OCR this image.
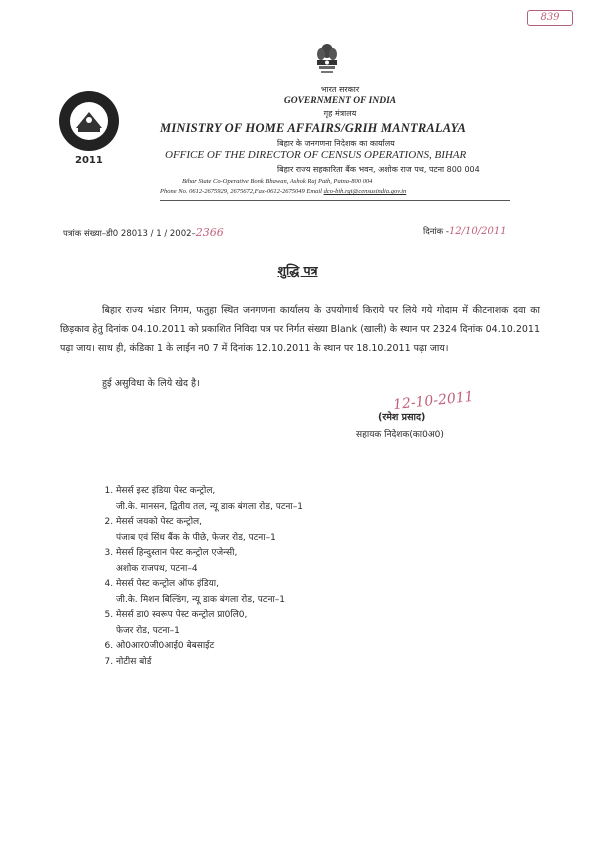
839
2011
भारत सरकार
GOVERNMENT OF INDIA
गृह मंत्रालय
MINISTRY OF HOME AFFAIRS/GRIH MANTRALAYA
बिहार के जनगणना निदेशक का कार्यालय
OFFICE OF THE DIRECTOR OF CENSUS OPERATIONS, BIHAR
बिहार राज्य सहकारिता बैंक भवन, अशोक राज पथ, पटना 800 004
Bihar State Co-Operative Bonk Bhawan, Ashok Raj Path, Patna-800 004
Phone No. 0612-2675929, 2675672,Fax-0612-2675049 Email dco-bih.rgi@censusindia.gov.in
पत्रांक संख्या–डी0 28013 / 1 / 2002–2366	दिनांक -12/10/2011
शुद्धि पत्र
बिहार राज्य भंडार निगम, फतुहा स्थित जनगणना कार्यालय के उपयोगार्थ किराये पर लिये गये गोदाम में कीटनाशक दवा का छिड़काव हेतु दिनांक 04.10.2011 को प्रकाशित निविदा पत्र पर निर्गत संख्या Blank (खाली) के स्थान पर 2324 दिनांक 04.10.2011 पढ़ा जाय। साथ ही, कंडिका 1 के लाईन न0 7 में दिनांक 12.10.2011 के स्थान पर 18.10.2011 पढ़ा जाय।
हुई असुविधा के लिये खेद है।
12-10-2011
(रमेश प्रसाद)
सहायक निदेशक(का0अ0)
1. मेसर्स इस्ट इंडिया पेस्ट कन्ट्रोल,
जी.के. मानसन, द्वितीय तल, न्यू डाक बंगला रोड, पटना–1
2. मेसर्स जयको पेस्ट कन्ट्रोल,
पंजाब एवं सिंध बैंक के पीछे, फेजर रोड, पटना–1
3. मेसर्स हिन्दुस्तान पेस्ट कन्ट्रोल एजेन्सी,
अशोक राजपथ, पटना–4
4. मेसर्स पेस्ट कन्ट्रोल ऑफ इंडिया,
जी.के. मिशन बिल्डिंग, न्यू डाक बंगला रोड, पटना–1
5. मेसर्स डा0 स्वरूप पेस्ट कन्ट्रोल प्रा0लि0,
फेजर रोड, पटना–1
6. ओ0आर0जी0आई0 बेबसाईट
7. नोटीस बोर्ड
